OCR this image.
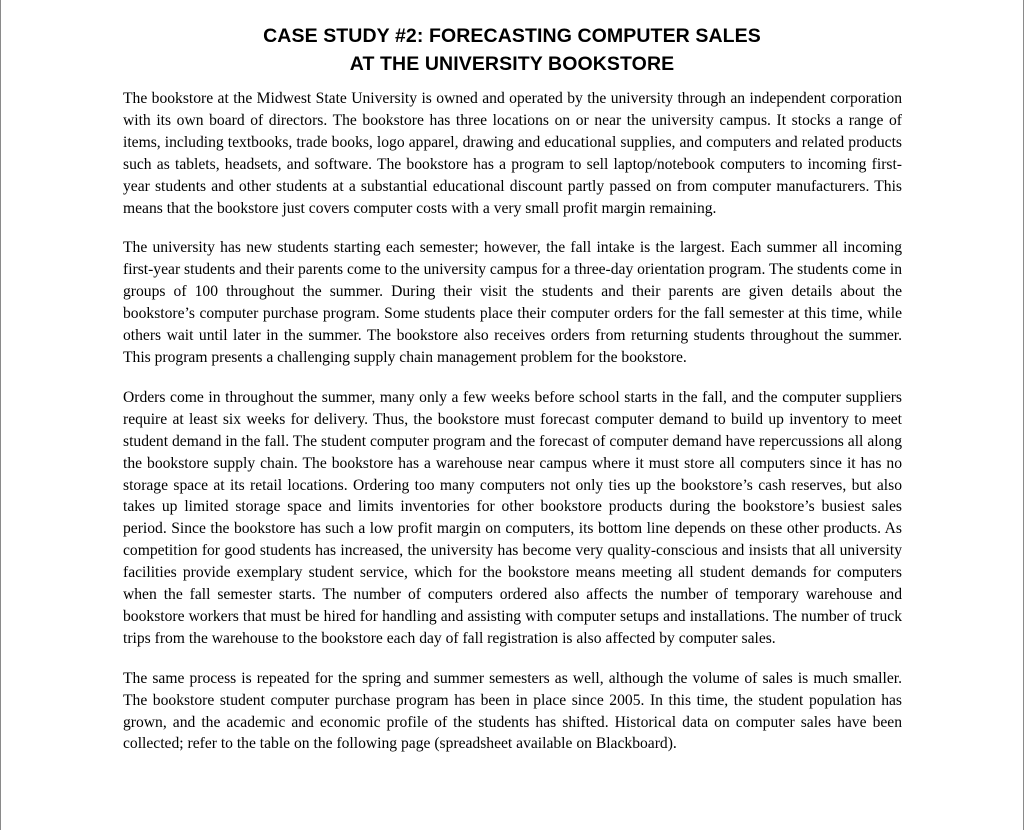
CASE STUDY #2: FORECASTING COMPUTER SALES
AT THE UNIVERSITY BOOKSTORE

The bookstore at the Midwest State University is owned and operated by the university through an independent corporation with its own board of directors. The bookstore has three locations on or near the university campus. It stocks a range of items, including textbooks, trade books, logo apparel, drawing and educational supplies, and computers and related products such as tablets, headsets, and software. The bookstore has a program to sell laptop/notebook computers to incoming first-year students and other students at a substantial educational discount partly passed on from computer manufacturers. This means that the bookstore just covers computer costs with a very small profit margin remaining.

The university has new students starting each semester; however, the fall intake is the largest. Each summer all incoming first-year students and their parents come to the university campus for a three-day orientation program. The students come in groups of 100 throughout the summer. During their visit the students and their parents are given details about the bookstore’s computer purchase program. Some students place their computer orders for the fall semester at this time, while others wait until later in the summer. The bookstore also receives orders from returning students throughout the summer. This program presents a challenging supply chain management problem for the bookstore.

Orders come in throughout the summer, many only a few weeks before school starts in the fall, and the computer suppliers require at least six weeks for delivery. Thus, the bookstore must forecast computer demand to build up inventory to meet student demand in the fall. The student computer program and the forecast of computer demand have repercussions all along the bookstore supply chain. The bookstore has a warehouse near campus where it must store all computers since it has no storage space at its retail locations. Ordering too many computers not only ties up the bookstore’s cash reserves, but also takes up limited storage space and limits inventories for other bookstore products during the bookstore’s busiest sales period. Since the bookstore has such a low profit margin on computers, its bottom line depends on these other products. As competition for good students has increased, the university has become very quality-conscious and insists that all university facilities provide exemplary student service, which for the bookstore means meeting all student demands for computers when the fall semester starts. The number of computers ordered also affects the number of temporary warehouse and bookstore workers that must be hired for handling and assisting with computer setups and installations. The number of truck trips from the warehouse to the bookstore each day of fall registration is also affected by computer sales.

The same process is repeated for the spring and summer semesters as well, although the volume of sales is much smaller. The bookstore student computer purchase program has been in place since 2005. In this time, the student population has grown, and the academic and economic profile of the students has shifted. Historical data on computer sales have been collected; refer to the table on the following page (spreadsheet available on Blackboard).
